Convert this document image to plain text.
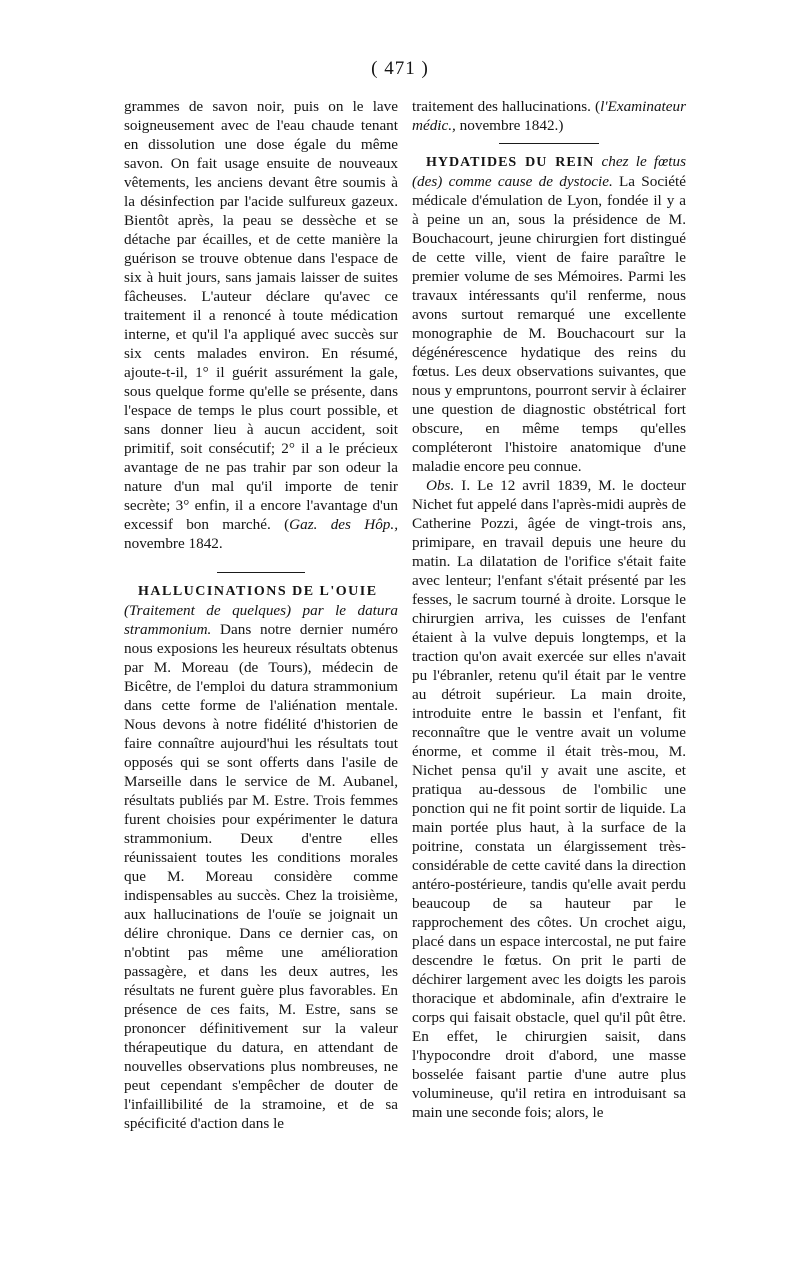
( 471 )

grammes de savon noir, puis on le lave soigneusement avec de l'eau chaude tenant en dissolution une dose égale du même savon. On fait usage ensuite de nouveaux vêtements, les anciens devant être soumis à la désinfection par l'acide sulfureux gazeux. Bientôt après, la peau se dessèche et se détache par écailles, et de cette manière la guérison se trouve obtenue dans l'espace de six à huit jours, sans jamais laisser de suites fâcheuses. L'auteur déclare qu'avec ce traitement il a renoncé à toute médication interne, et qu'il l'a appliqué avec succès sur six cents malades environ. En résumé, ajoute-t-il, 1° il guérit assurément la gale, sous quelque forme qu'elle se présente, dans l'espace de temps le plus court possible, et sans donner lieu à aucun accident, soit primitif, soit consécutif; 2° il a le précieux avantage de ne pas trahir par son odeur la nature d'un mal qu'il importe de tenir secrète; 3° enfin, il a encore l'avantage d'un excessif bon marché. (Gaz. des Hôp., novembre 1842.

HALLUCINATIONS DE L'OUIE
(Traitement de quelques) par le datura strammonium. Dans notre dernier numéro nous exposions les heureux résultats obtenus par M. Moreau (de Tours), médecin de Bicêtre, de l'emploi du datura strammonium dans cette forme de l'aliénation mentale. Nous devons à notre fidélité d'historien de faire connaître aujourd'hui les résultats tout opposés qui se sont offerts dans l'asile de Marseille dans le service de M. Aubanel, résultats publiés par M. Estre. Trois femmes furent choisies pour expérimenter le datura strammonium. Deux d'entre elles réunissaient toutes les conditions morales que M. Moreau considère comme indispensables au succès. Chez la troisième, aux hallucinations de l'ouïe se joignait un délire chronique. Dans ce dernier cas, on n'obtint pas même une amélioration passagère, et dans les deux autres, les résultats ne furent guère plus favorables. En présence de ces faits, M. Estre, sans se prononcer définitivement sur la valeur thérapeutique du datura, en attendant de nouvelles observations plus nombreuses, ne peut cependant s'empêcher de douter de l'infaillibilité de la stramoine, et de sa spécificité d'action dans le

traitement des hallucinations. (l'Examinateur médic., novembre 1842.)

HYDATIDES DU REIN chez le fœtus (des) comme cause de dystocie. La Société médicale d'émulation de Lyon, fondée il y a à peine un an, sous la présidence de M. Bouchacourt, jeune chirurgien fort distingué de cette ville, vient de faire paraître le premier volume de ses Mémoires. Parmi les travaux intéressants qu'il renferme, nous avons surtout remarqué une excellente monographie de M. Bouchacourt sur la dégénérescence hydatique des reins du fœtus. Les deux observations suivantes, que nous y empruntons, pourront servir à éclairer une question de diagnostic obstétrical fort obscure, en même temps qu'elles compléteront l'histoire anatomique d'une maladie encore peu connue.

Obs. I. Le 12 avril 1839, M. le docteur Nichet fut appelé dans l'après-midi auprès de Catherine Pozzi, âgée de vingt-trois ans, primipare, en travail depuis une heure du matin. La dilatation de l'orifice s'était faite avec lenteur; l'enfant s'était présenté par les fesses, le sacrum tourné à droite. Lorsque le chirurgien arriva, les cuisses de l'enfant étaient à la vulve depuis longtemps, et la traction qu'on avait exercée sur elles n'avait pu l'ébranler, retenu qu'il était par le ventre au détroit supérieur. La main droite, introduite entre le bassin et l'enfant, fit reconnaître que le ventre avait un volume énorme, et comme il était très-mou, M. Nichet pensa qu'il y avait une ascite, et pratiqua au-dessous de l'ombilic une ponction qui ne fit point sortir de liquide. La main portée plus haut, à la surface de la poitrine, constata un élargissement très-considérable de cette cavité dans la direction antéro-postérieure, tandis qu'elle avait perdu beaucoup de sa hauteur par le rapprochement des côtes. Un crochet aigu, placé dans un espace intercostal, ne put faire descendre le fœtus. On prit le parti de déchirer largement avec les doigts les parois thoracique et abdominale, afin d'extraire le corps qui faisait obstacle, quel qu'il pût être. En effet, le chirurgien saisit, dans l'hypocondre droit d'abord, une masse bosselée faisant partie d'une autre plus volumineuse, qu'il retira en introduisant sa main une seconde fois; alors, le
